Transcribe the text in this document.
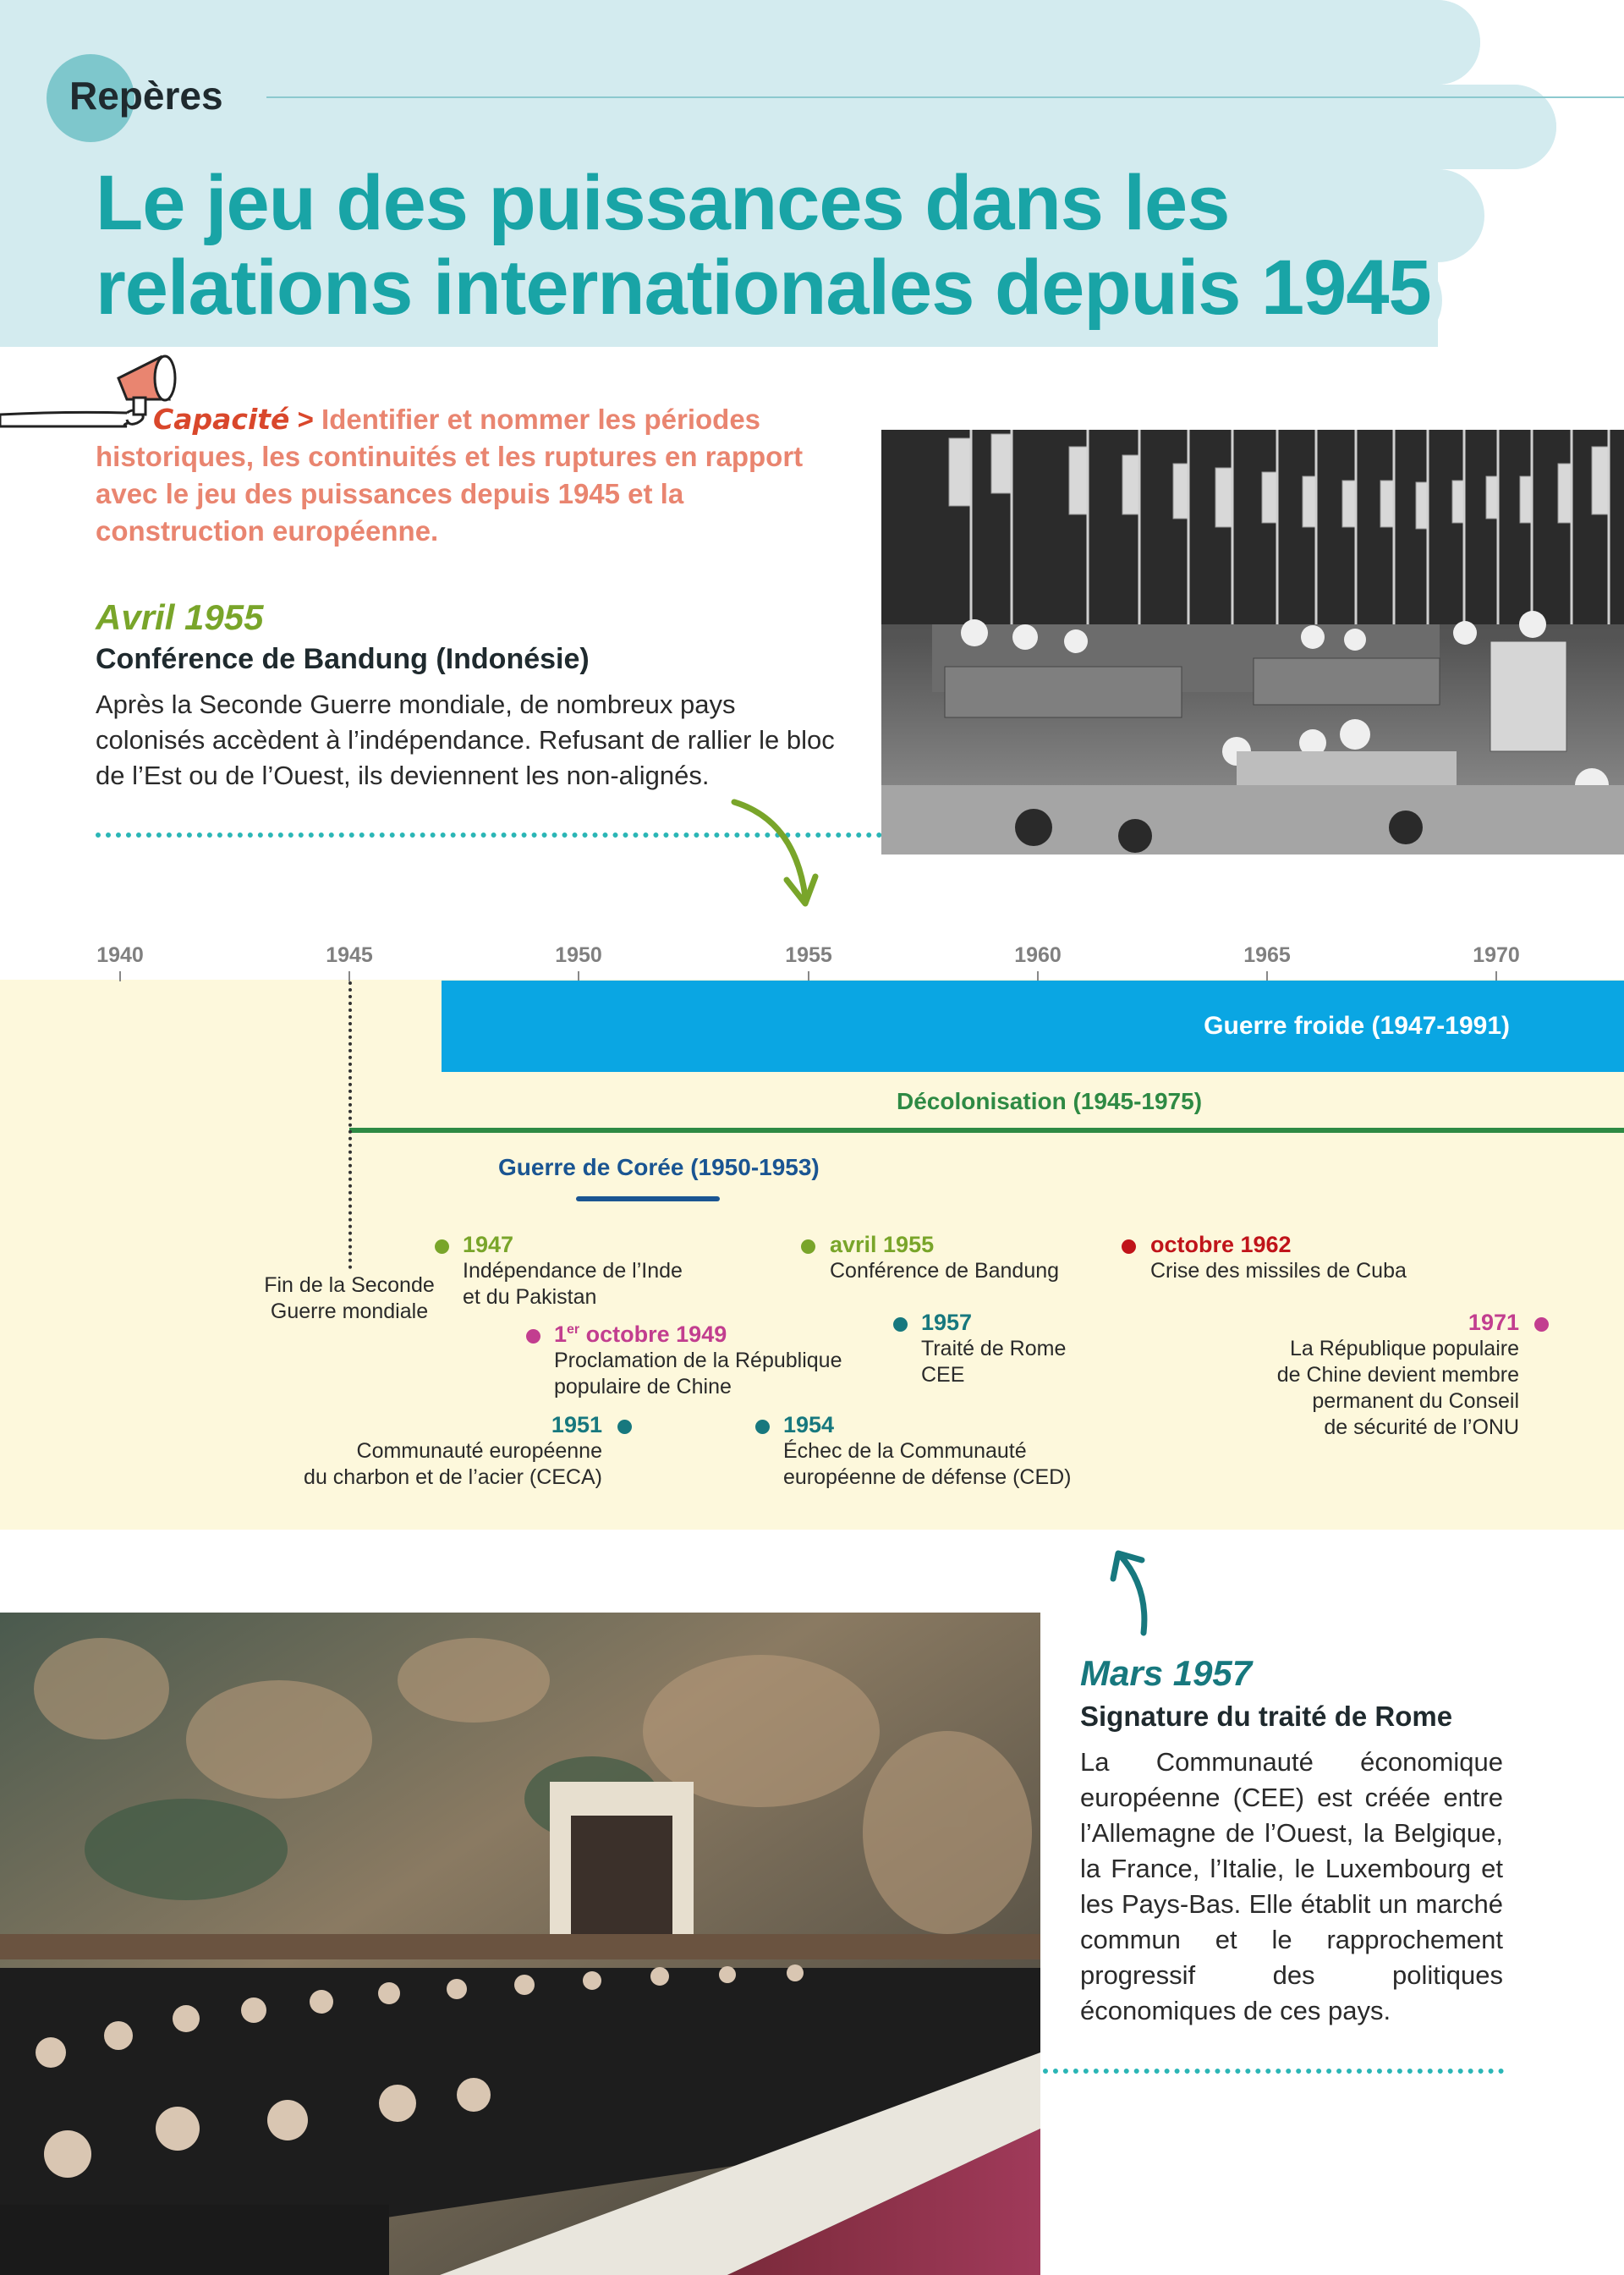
Repères
Le jeu des puissances dans les
relations internationales depuis 1945
Capacité > Identifier et nommer les périodes historiques, les continuités et les ruptures en rapport avec le jeu des puissances depuis 1945 et la construction européenne.
Avril 1955
Conférence de Bandung (Indonésie)
Après la Seconde Guerre mondiale, de nombreux pays colonisés accèdent à l’indépendance. Refusant de rallier le bloc de l’Est ou de l’Ouest, ils deviennent les non-alignés.
1940	1945	1950	1955	1960	1965	1970
Guerre froide (1947-1991)
Décolonisation (1945-1975)
Guerre de Corée (1950-1953)
Fin de la Seconde Guerre mondiale
1947
Indépendance de l’Inde
et du Pakistan
1er octobre 1949
Proclamation de la République
populaire de Chine
1951
Communauté européenne
du charbon et de l’acier (CECA)
1954
Échec de la Communauté
européenne de défense (CED)
avril 1955
Conférence de Bandung
1957
Traité de Rome
CEE
octobre 1962
Crise des missiles de Cuba
1971
La République populaire
de Chine devient membre
permanent du Conseil
de sécurité de l’ONU
Mars 1957
Signature du traité de Rome
La Communauté économique européenne (CEE) est créée entre l’Allemagne de l’Ouest, la Belgique, la France, l’Italie, le Luxembourg et les Pays-Bas. Elle établit un marché commun et le rapprochement progressif des politiques économiques de ces pays.
